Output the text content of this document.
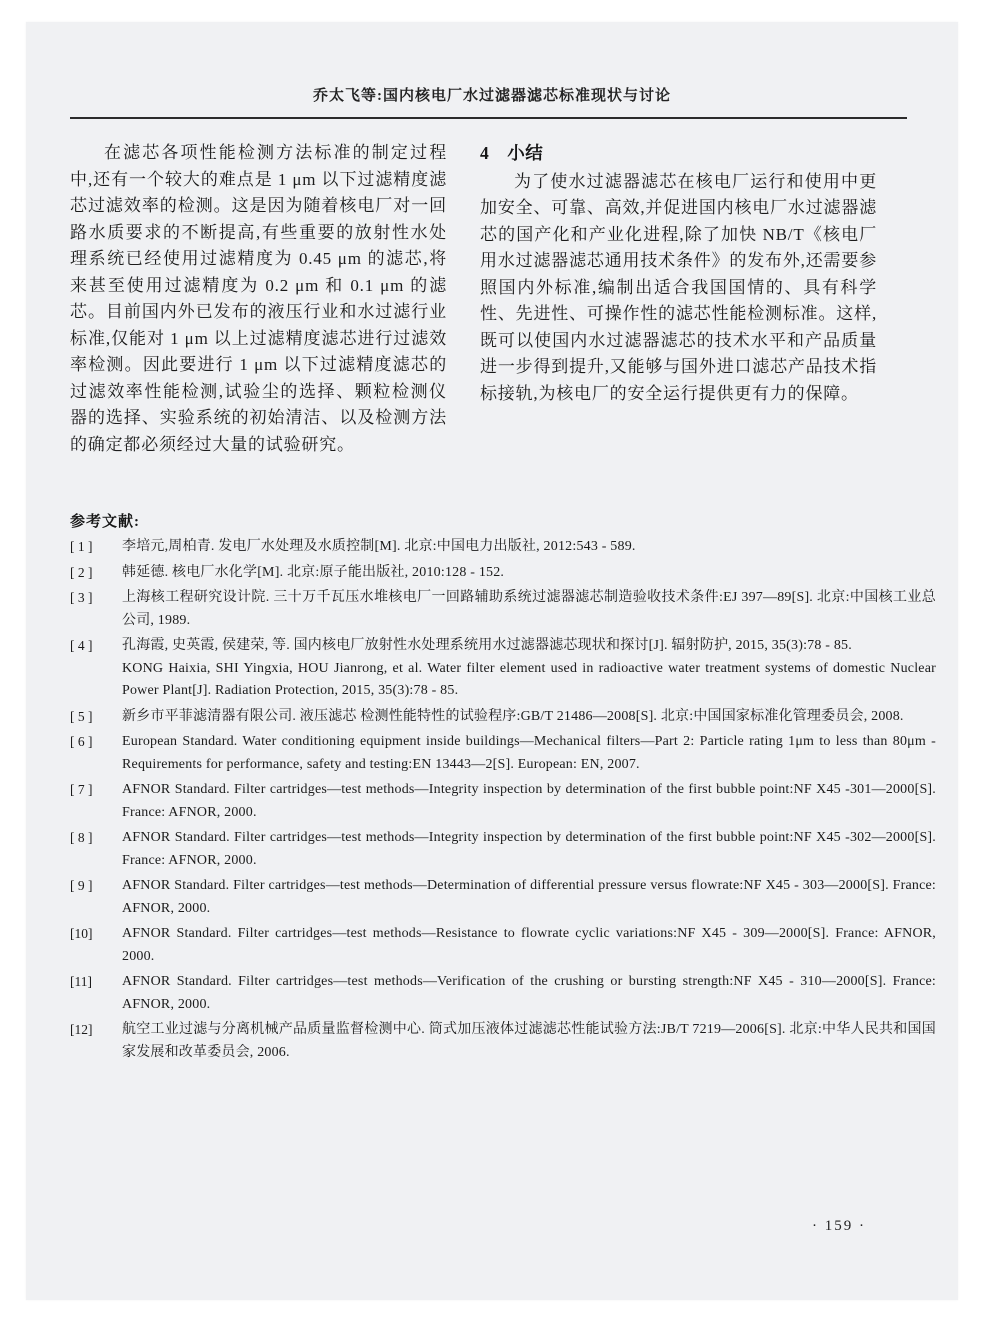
乔太飞等:国内核电厂水过滤器滤芯标准现状与讨论

在滤芯各项性能检测方法标准的制定过程中,还有一个较大的难点是 1 μm 以下过滤精度滤芯过滤效率的检测。这是因为随着核电厂对一回路水质要求的不断提高,有些重要的放射性水处理系统已经使用过滤精度为 0.45 μm 的滤芯,将来甚至使用过滤精度为 0.2 μm 和 0.1 μm 的滤芯。目前国内外已发布的液压行业和水过滤行业标准,仅能对 1 μm 以上过滤精度滤芯进行过滤效率检测。因此要进行 1 μm 以下过滤精度滤芯的过滤效率性能检测,试验尘的选择、颗粒检测仪器的选择、实验系统的初始清洁、以及检测方法的确定都必须经过大量的试验研究。

4 小结

为了使水过滤器滤芯在核电厂运行和使用中更加安全、可靠、高效,并促进国内核电厂水过滤器滤芯的国产化和产业化进程,除了加快 NB/T《核电厂用水过滤器滤芯通用技术条件》的发布外,还需要参照国内外标准,编制出适合我国国情的、具有科学性、先进性、可操作性的滤芯性能检测标准。这样,既可以使国内水过滤器滤芯的技术水平和产品质量进一步得到提升,又能够与国外进口滤芯产品技术指标接轨,为核电厂的安全运行提供更有力的保障。

参考文献:
[ 1 ]	李培元,周柏青. 发电厂水处理及水质控制[M]. 北京:中国电力出版社, 2012:543 - 589.

[ 2 ]	韩延德. 核电厂水化学[M]. 北京:原子能出版社, 2010:128 - 152.

[ 3 ]	上海核工程研究设计院. 三十万千瓦压水堆核电厂一回路辅助系统过滤器滤芯制造验收技术条件:EJ 397—89[S]. 北京:中国核工业总公司, 1989.

[ 4 ]	孔海霞, 史英霞, 侯建荣, 等. 国内核电厂放射性水处理系统用水过滤器滤芯现状和探讨[J]. 辐射防护, 2015, 35(3):78 - 85.

KONG Haixia, SHI Yingxia, HOU Jianrong, et al. Water filter element used in radioactive water treatment systems of domestic Nuclear Power Plant[J]. Radiation Protection, 2015, 35(3):78 - 85.

[ 5 ]	新乡市平菲滤清器有限公司. 液压滤芯 检测性能特性的试验程序:GB/T 21486—2008[S]. 北京:中国国家标准化管理委员会, 2008.

[ 6 ]	European Standard. Water conditioning equipment inside buildings—Mechanical filters—Part 2: Particle rating 1μm to less than 80μm - Requirements for performance, safety and testing:EN 13443—2[S]. European: EN, 2007.

[ 7 ]	AFNOR Standard. Filter cartridges—test methods—Integrity inspection by determination of the first bubble point:NF X45 -301—2000[S]. France: AFNOR, 2000.

[ 8 ]	AFNOR Standard. Filter cartridges—test methods—Integrity inspection by determination of the first bubble point:NF X45 -302—2000[S]. France: AFNOR, 2000.

[ 9 ]	AFNOR Standard. Filter cartridges—test methods—Determination of differential pressure versus flowrate:NF X45 - 303—2000[S]. France: AFNOR, 2000.

[10]	AFNOR Standard. Filter cartridges—test methods—Resistance to flowrate cyclic variations:NF X45 - 309—2000[S]. France: AFNOR, 2000.

[11]	AFNOR Standard. Filter cartridges—test methods—Verification of the crushing or bursting strength:NF X45 - 310—2000[S]. France: AFNOR, 2000.

[12]	航空工业过滤与分离机械产品质量监督检测中心. 筒式加压液体过滤滤芯性能试验方法:JB/T 7219—2006[S]. 北京:中华人民共和国国家发展和改革委员会, 2006.

· 159 ·
